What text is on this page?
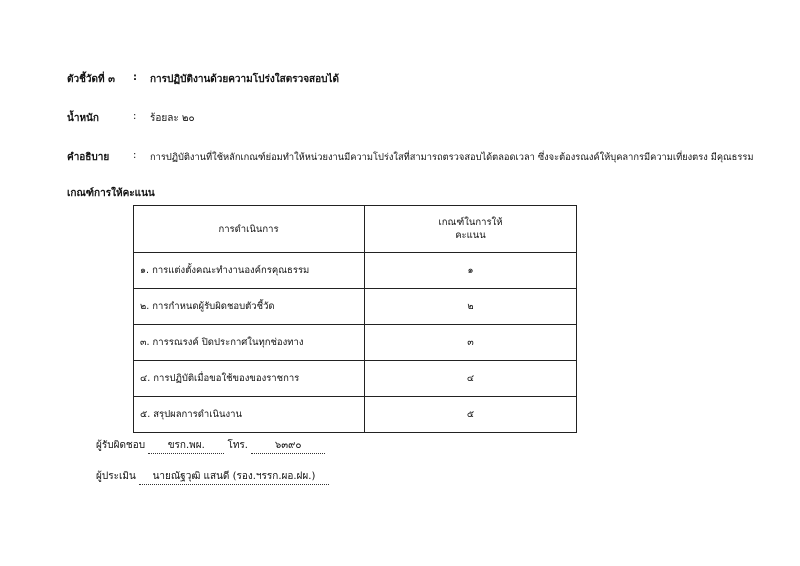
ตัวชี้วัดที่ ๓ : การปฏิบัติงานด้วยความโปร่งใสตรวจสอบได้
น้ำหนัก	: ร้อยละ ๒๐
คำอธิบาย : การปฏิบัติงานที่ใช้หลักเกณฑ์ย่อมทำให้หน่วยงานมีความโปร่งใสที่สามารถตรวจสอบได้ตลอดเวลา ซึ่งจะต้องรณงค์ให้บุคลากรมีความเที่ยงตรง มีคุณธรรม
เกณฑ์การให้คะแนน
การดำเนินการ	เกณฑ์ในการให้
คะแนน

๑. การแต่งตั้งคณะทำงานองค์กรคุณธรรม	๑
๒. การกำหนดผู้รับผิดชอบตัวชี้วัด	๒
๓. การรณรงค์ ปิดประกาศในทุกช่องทาง	๓
๔. การปฏิบัติเมื่อขอใช้ของของราชการ	๔
๕. สรุปผลการดำเนินงาน	๕
ผู้รับผิดชอบ ขรก.พผ. โทร.	๖๓๙๐
ผู้ประเมิน นายณัฐวุฒิ แสนดี (รอง.ฯรรก.ผอ.ฝผ.)
